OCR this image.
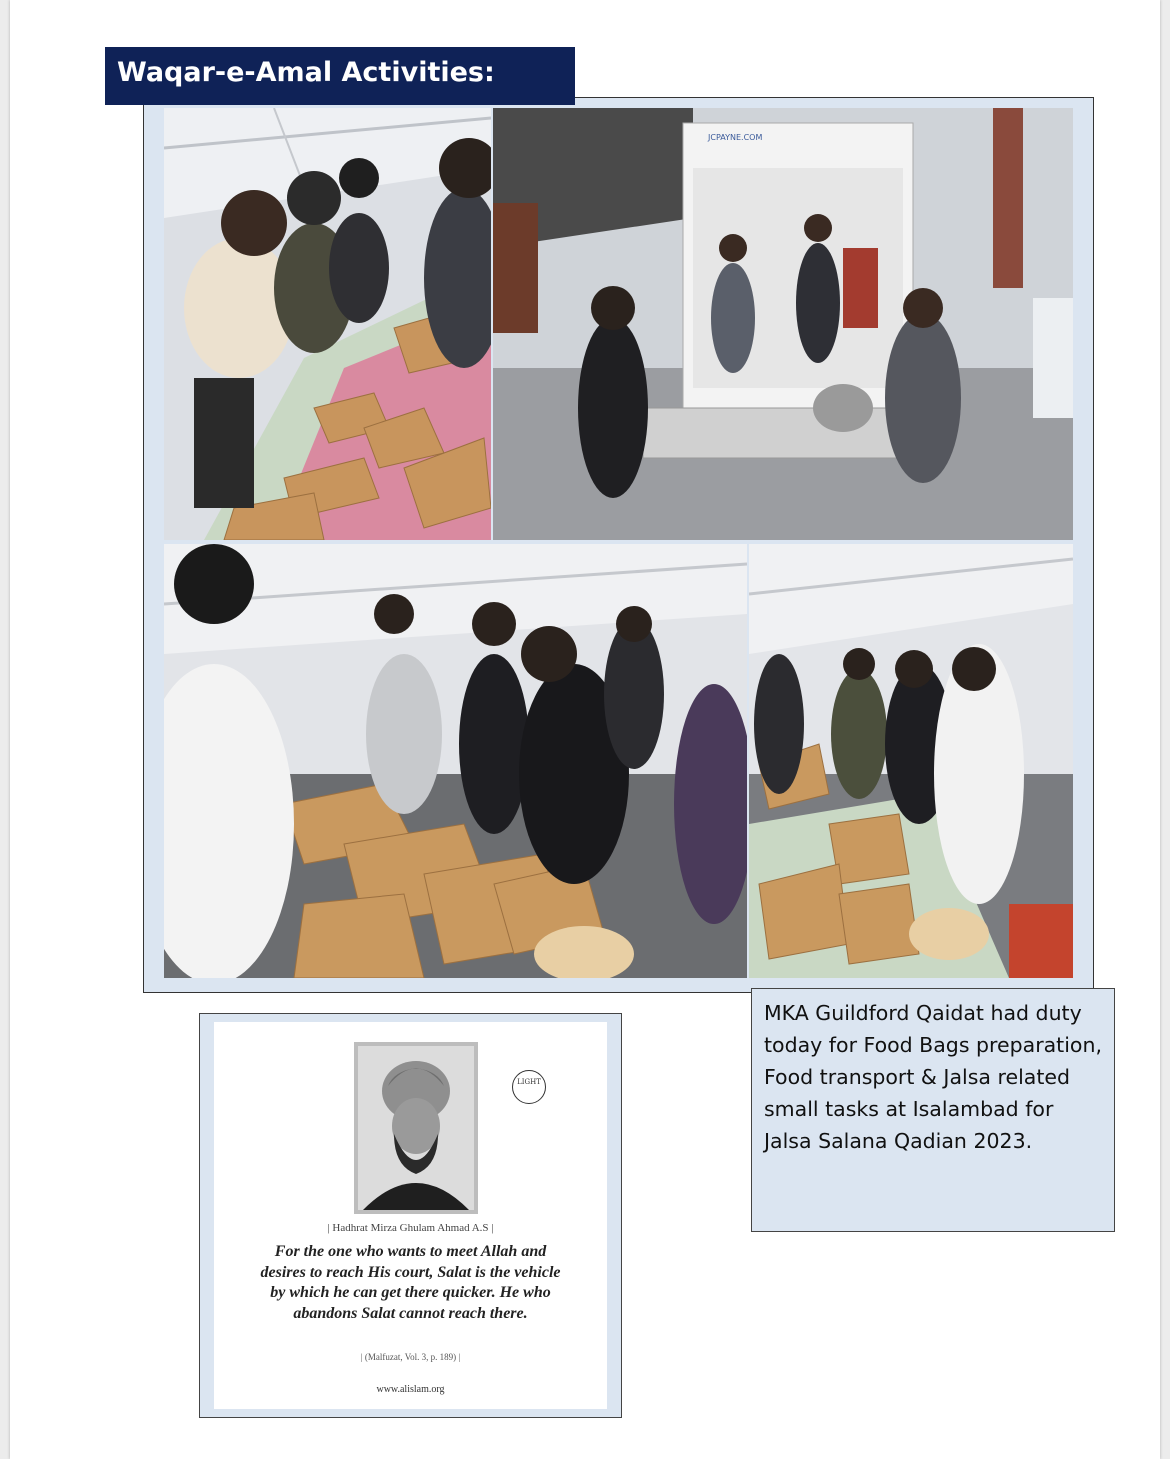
Waqar-e-Amal Activities:
JCPAYNE.COM
MKA Guildford Qaidat had duty today for Food Bags preparation, Food transport & Jalsa related small tasks at Isalambad for Jalsa Salana Qadian 2023.
LIGHT
| Hadhrat Mirza Ghulam Ahmad A.S |
For the one who wants to meet Allah and desires to reach His court, Salat is the vehicle by which he can get there quicker. He who abandons Salat cannot reach there.
| (Malfuzat, Vol. 3, p. 189) |
www.alislam.org
